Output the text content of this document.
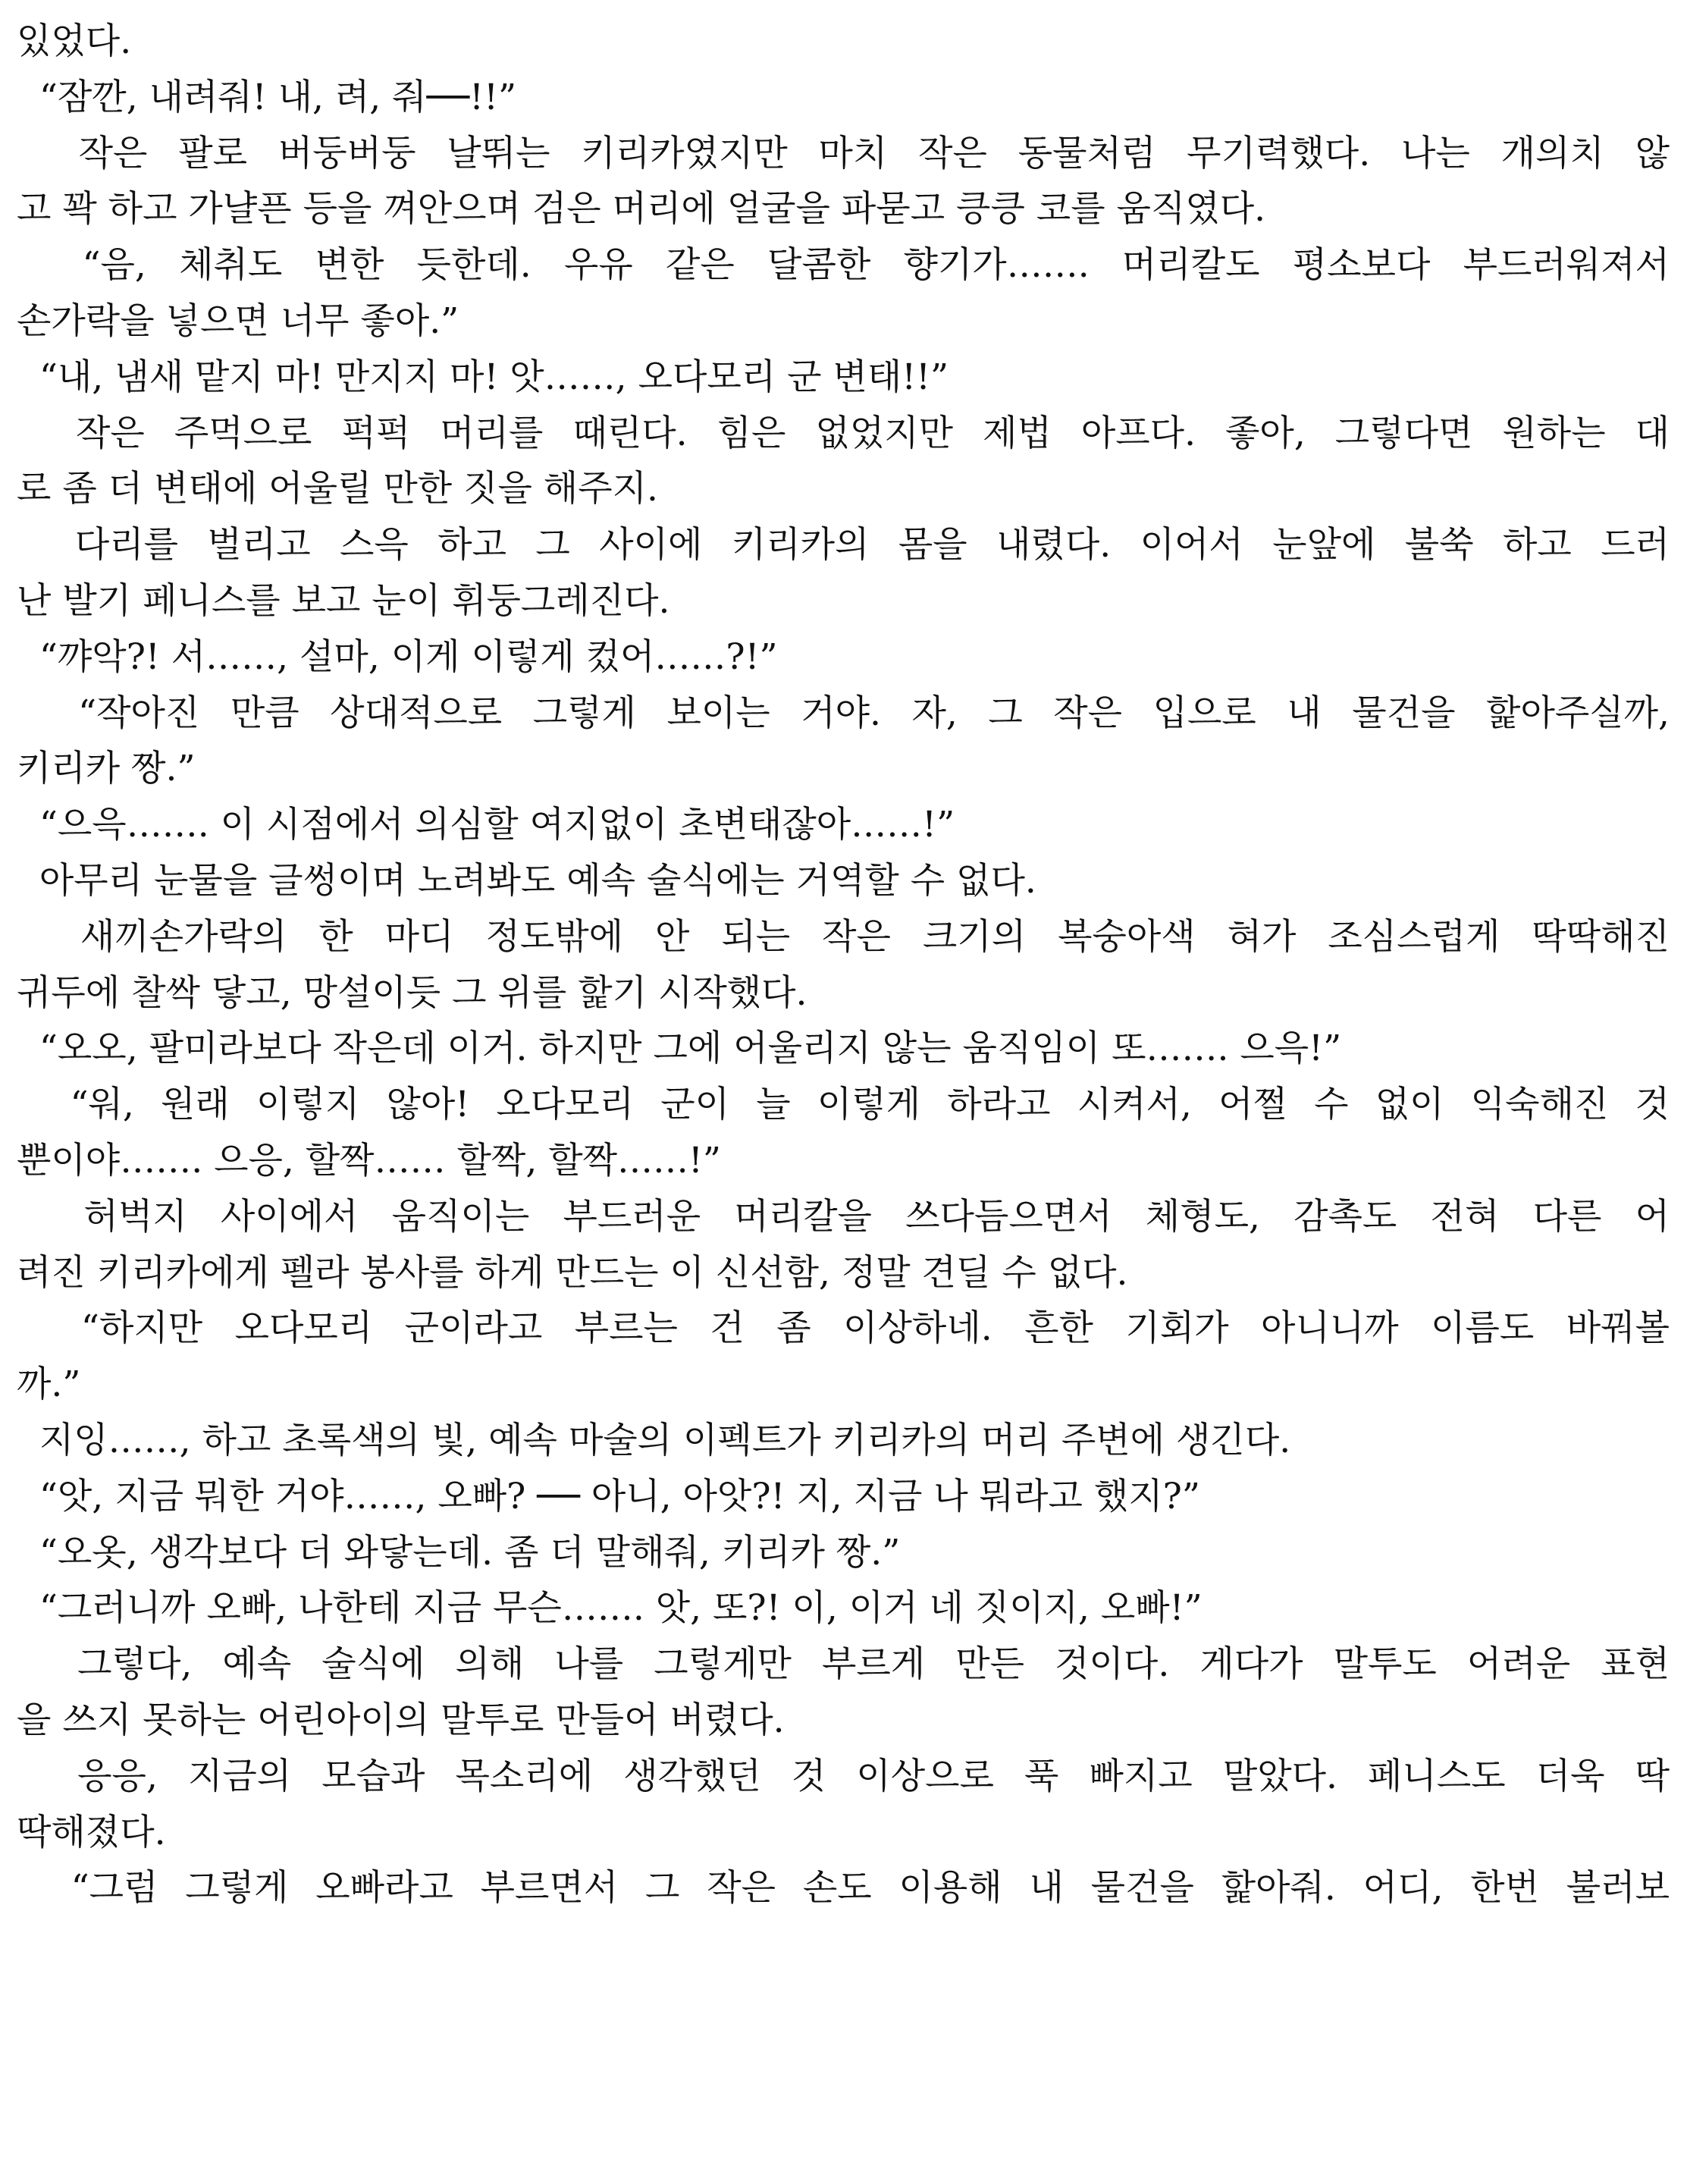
있었다.
“잠깐, 내려줘! 내, 려, 줘──!!”
작은 팔로 버둥버둥 날뛰는 키리카였지만 마치 작은 동물처럼 무기력했다. 나는 개의치 않
고 꽉 하고 가냘픈 등을 껴안으며 검은 머리에 얼굴을 파묻고 킁킁 코를 움직였다.
“음, 체취도 변한 듯한데. 우유 같은 달콤한 향기가……. 머리칼도 평소보다 부드러워져서
손가락을 넣으면 너무 좋아.”
“내, 냄새 맡지 마! 만지지 마! 앗……, 오다모리 군 변태!!”
작은 주먹으로 퍽퍽 머리를 때린다. 힘은 없었지만 제법 아프다. 좋아, 그렇다면 원하는 대
로 좀 더 변태에 어울릴 만한 짓을 해주지.
다리를 벌리고 스윽 하고 그 사이에 키리카의 몸을 내렸다. 이어서 눈앞에 불쑥 하고 드러
난 발기 페니스를 보고 눈이 휘둥그레진다.
“꺄악?! 서……, 설마, 이게 이렇게 컸어……?!”
“작아진 만큼 상대적으로 그렇게 보이는 거야. 자, 그 작은 입으로 내 물건을 핥아주실까,
키리카 짱.”
“으윽……. 이 시점에서 의심할 여지없이 초변태잖아……!”
아무리 눈물을 글썽이며 노려봐도 예속 술식에는 거역할 수 없다.
새끼손가락의 한 마디 정도밖에 안 되는 작은 크기의 복숭아색 혀가 조심스럽게 딱딱해진
귀두에 찰싹 닿고, 망설이듯 그 위를 핥기 시작했다.
“오오, 팔미라보다 작은데 이거. 하지만 그에 어울리지 않는 움직임이 또……. 으윽!”
“워, 원래 이렇지 않아! 오다모리 군이 늘 이렇게 하라고 시켜서, 어쩔 수 없이 익숙해진 것
뿐이야……. 으응, 할짝…… 할짝, 할짝……!”
허벅지 사이에서 움직이는 부드러운 머리칼을 쓰다듬으면서 체형도, 감촉도 전혀 다른 어
려진 키리카에게 펠라 봉사를 하게 만드는 이 신선함, 정말 견딜 수 없다.
“하지만 오다모리 군이라고 부르는 건 좀 이상하네. 흔한 기회가 아니니까 이름도 바꿔볼
까.”
지잉……, 하고 초록색의 빛, 예속 마술의 이펙트가 키리카의 머리 주변에 생긴다.
“앗, 지금 뭐한 거야……, 오빠? ── 아니, 아앗?! 지, 지금 나 뭐라고 했지?”
“오옷, 생각보다 더 와닿는데. 좀 더 말해줘, 키리카 짱.”
“그러니까 오빠, 나한테 지금 무슨……. 앗, 또?! 이, 이거 네 짓이지, 오빠!”
그렇다, 예속 술식에 의해 나를 그렇게만 부르게 만든 것이다. 게다가 말투도 어려운 표현
을 쓰지 못하는 어린아이의 말투로 만들어 버렸다.
응응, 지금의 모습과 목소리에 생각했던 것 이상으로 푹 빠지고 말았다. 페니스도 더욱 딱
딱해졌다.
“그럼 그렇게 오빠라고 부르면서 그 작은 손도 이용해 내 물건을 핥아줘. 어디, 한번 불러보
